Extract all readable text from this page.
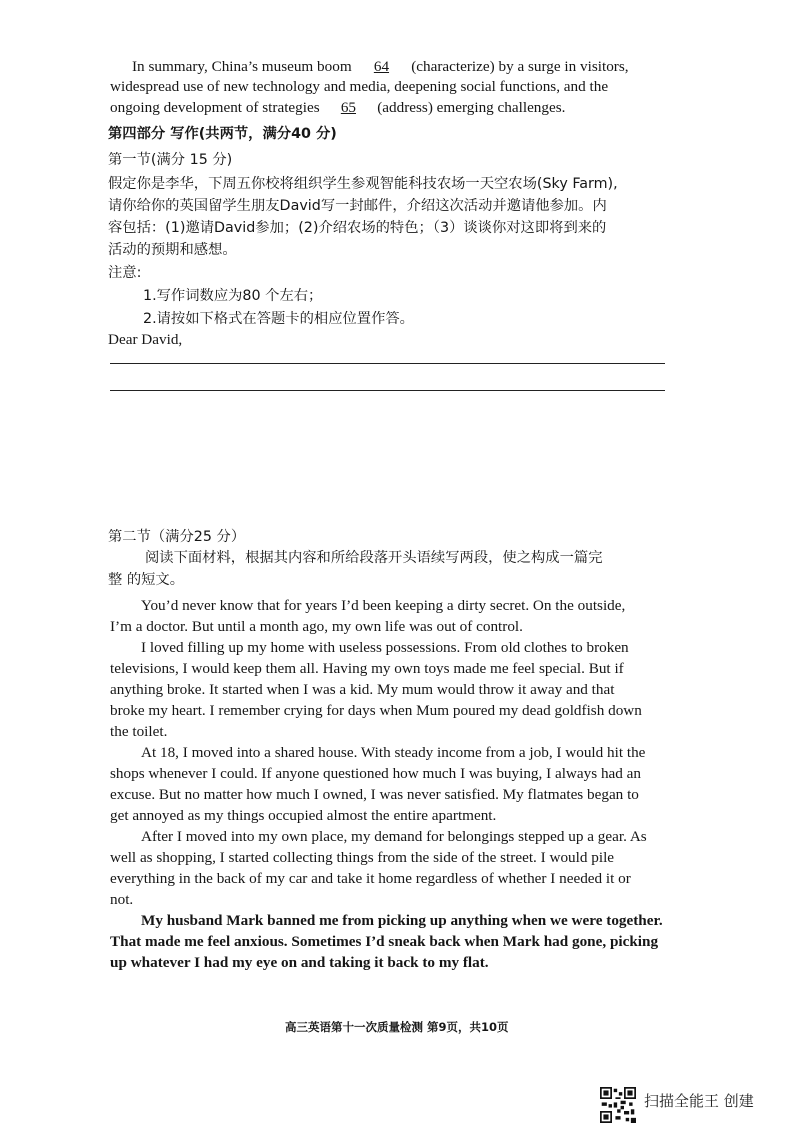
In summary, China’s museum boom 64 (characterize) by a surge in visitors,
widespread use of new technology and media, deepening social functions, and the
ongoing development of strategies 65 (address) emerging challenges.
第四部分 写作(共两节，满分40 分)
第一节(满分 15 分)
假定你是李华，下周五你校将组织学生参观智能科技农场一天空农场(Sky Farm),
请你给你的英国留学生朋友David写一封邮件，介绍这次活动并邀请他参加。内
容包括：(1)邀请David参加；(2)介绍农场的特色；（3）谈谈你对这即将到来的
活动的预期和感想。
注意:
1.写作词数应为80 个左右；
2.请按如下格式在答题卡的相应位置作答。
Dear David,
第二节（满分25 分）
阅读下面材料，根据其内容和所给段落开头语续写两段，使之构成一篇完
整 的短文。
You’d never know that for years I’d been keeping a dirty secret. On the outside,
I’m a doctor. But until a month ago, my own life was out of control.
I loved filling up my home with useless possessions. From old clothes to broken
televisions, I would keep them all. Having my own toys made me feel special. But if
anything broke. It started when I was a kid. My mum would throw it away and that
broke my heart. I remember crying for days when Mum poured my dead goldfish down
the toilet.
At 18, I moved into a shared house. With steady income from a job, I would hit the
shops whenever I could. If anyone questioned how much I was buying, I always had an
excuse. But no matter how much I owned, I was never satisfied. My flatmates began to
get annoyed as my things occupied almost the entire apartment.
After I moved into my own place, my demand for belongings stepped up a gear. As
well as shopping, I started collecting things from the side of the street. I would pile
everything in the back of my car and take it home regardless of whether I needed it or
not.
My husband Mark banned me from picking up anything when we were together.
That made me feel anxious. Sometimes I’d sneak back when Mark had gone, picking
up whatever I had my eye on and taking it back to my flat.
高三英语第十一次质量检测 第9页，共10页
扫描全能王 创建
